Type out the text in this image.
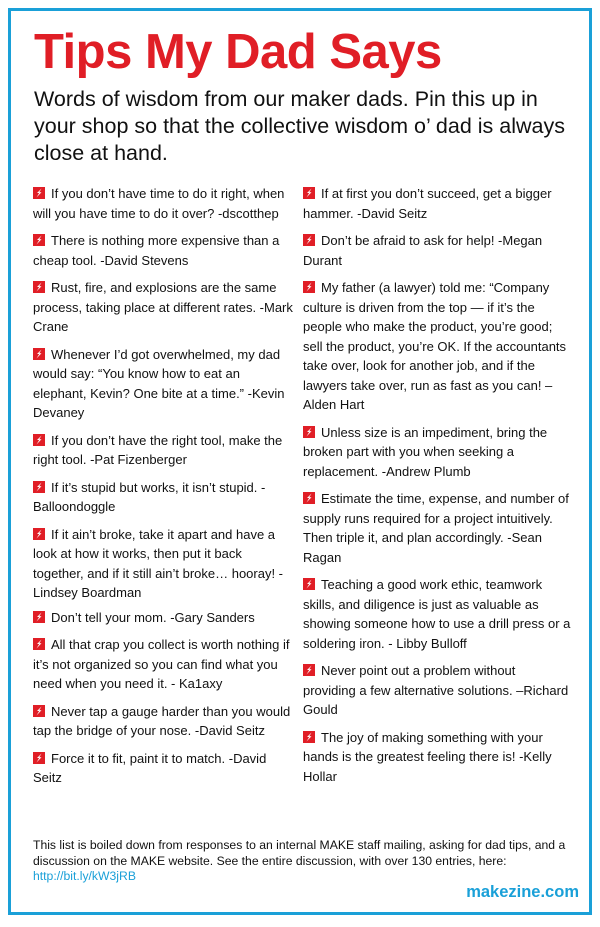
Tips My Dad Says
Words of wisdom from our maker dads. Pin this up in your shop so that the collective wisdom o’ dad is always close at hand.
If you don’t have time to do it right, when will you have time to do it over? -dscotthep
There is nothing more expensive than a cheap tool. -David Stevens
Rust, fire, and explosions are the same process, taking place at different rates. -Mark Crane
Whenever I’d got overwhelmed, my dad would say: “You know how to eat an elephant, Kevin? One bite at a time.” -Kevin Devaney
If you don’t have the right tool, make the right tool. -Pat Fizenberger
If it’s stupid but works, it isn’t stupid. -Balloondoggle
If it ain’t broke, take it apart and have a look at how it works, then put it back together, and if it still ain’t broke… hooray! -Lindsey Boardman
Don’t tell your mom. -Gary Sanders
All that crap you collect is worth nothing if it’s not organized so you can find what you need when you need it. - Ka1axy
Never tap a gauge harder than you would tap the bridge of your nose. -David Seitz
Force it to fit, paint it to match. -David Seitz
If at first you don’t succeed, get a bigger hammer. -David Seitz
Don’t be afraid to ask for help! -Megan Durant
My father (a lawyer) told me: “Company culture is driven from the top — if it’s the people who make the product, you’re good; sell the product, you’re OK. If the accountants take over, look for another job, and if the lawyers take over, run as fast as you can! –Alden Hart
Unless size is an impediment, bring the broken part with you when seeking a replacement. -Andrew Plumb
Estimate the time, expense, and number of supply runs required for a project intuitively. Then triple it, and plan accordingly. -Sean Ragan
Teaching a good work ethic, teamwork skills, and diligence is just as valuable as showing someone how to use a drill press or a soldering iron. - Libby Bulloff
Never point out a problem without providing a few alternative solutions. –Richard Gould
The joy of making something with your hands is the greatest feeling there is! -Kelly Hollar
This list is boiled down from responses to an internal MAKE staff mailing, asking for dad tips, and a discussion on the MAKE website. See the entire discussion, with over 130 entries, here:
http://bit.ly/kW3jRB
makezine.com
